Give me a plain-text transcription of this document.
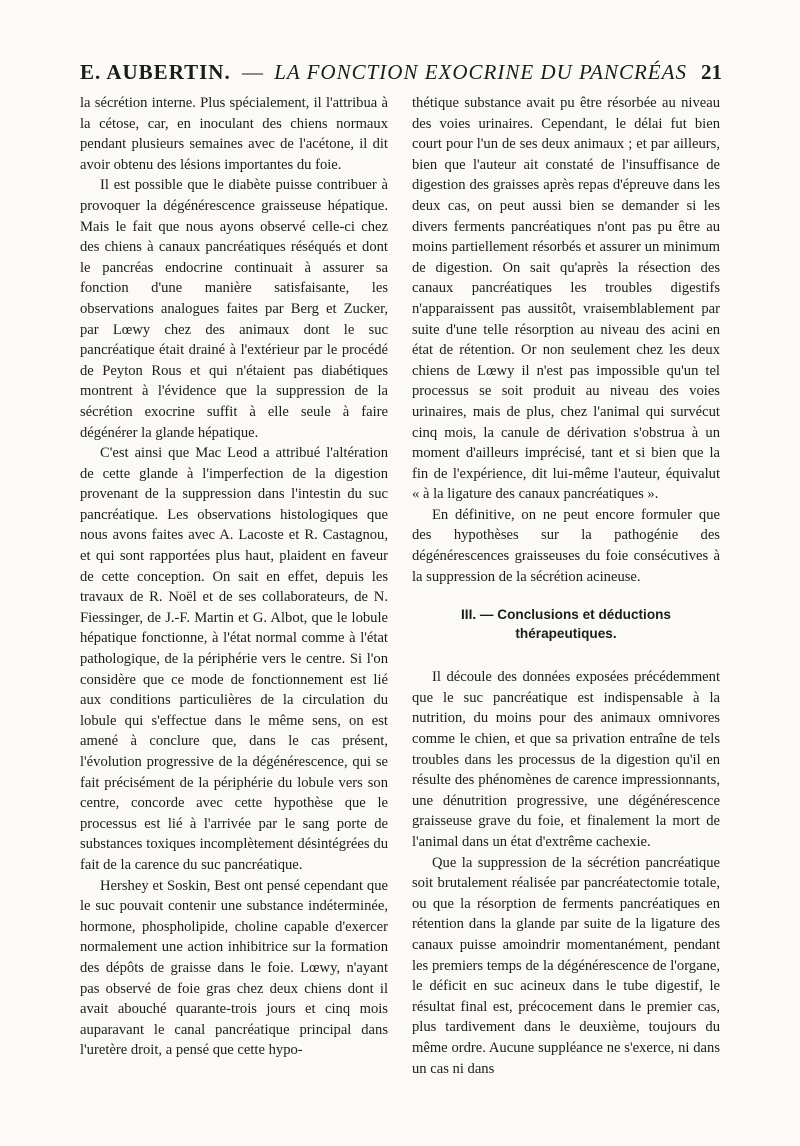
E. AUBERTIN. — LA FONCTION EXOCRINE DU PANCRÉAS 21

la sécrétion interne. Plus spécialement, il l'attribua à la cétose, car, en inoculant des chiens normaux pendant plusieurs semaines avec de l'acétone, il dit avoir obtenu des lésions importantes du foie.

Il est possible que le diabète puisse contribuer à provoquer la dégénérescence graisseuse hépatique. Mais le fait que nous ayons observé celle-ci chez des chiens à canaux pancréatiques réséqués et dont le pancréas endocrine continuait à assurer sa fonction d'une manière satisfaisante, les observations analogues faites par Berg et Zucker, par Lœwy chez des animaux dont le suc pancréatique était drainé à l'extérieur par le procédé de Peyton Rous et qui n'étaient pas diabétiques montrent à l'évidence que la suppression de la sécrétion exocrine suffit à elle seule à faire dégénérer la glande hépatique.

C'est ainsi que Mac Leod a attribué l'altération de cette glande à l'imperfection de la digestion provenant de la suppression dans l'intestin du suc pancréatique. Les observations histologiques que nous avons faites avec A. Lacoste et R. Castagnou, et qui sont rapportées plus haut, plaident en faveur de cette conception. On sait en effet, depuis les travaux de R. Noël et de ses collaborateurs, de N. Fiessinger, de J.-F. Martin et G. Albot, que le lobule hépatique fonctionne, à l'état normal comme à l'état pathologique, de la périphérie vers le centre. Si l'on considère que ce mode de fonctionnement est lié aux conditions particulières de la circulation du lobule qui s'effectue dans le même sens, on est amené à conclure que, dans le cas présent, l'évolution progressive de la dégénérescence, qui se fait précisément de la périphérie du lobule vers son centre, concorde avec cette hypothèse que le processus est lié à l'arrivée par le sang porte de substances toxiques incomplètement désintégrées du fait de la carence du suc pancréatique.

Hershey et Soskin, Best ont pensé cependant que le suc pouvait contenir une substance indéterminée, hormone, phospholipide, choline capable d'exercer normalement une action inhibitrice sur la formation des dépôts de graisse dans le foie. Lœwy, n'ayant pas observé de foie gras chez deux chiens dont il avait abouché quarante-trois jours et cinq mois auparavant le canal pancréatique principal dans l'uretère droit, a pensé que cette hypo-

thétique substance avait pu être résorbée au niveau des voies urinaires. Cependant, le délai fut bien court pour l'un de ses deux animaux ; et par ailleurs, bien que l'auteur ait constaté de l'insuffisance de digestion des graisses après repas d'épreuve dans les deux cas, on peut aussi bien se demander si les divers ferments pancréatiques n'ont pas pu être au moins partiellement résorbés et assurer un minimum de digestion. On sait qu'après la résection des canaux pancréatiques les troubles digestifs n'apparaissent pas aussitôt, vraisemblablement par suite d'une telle résorption au niveau des acini en état de rétention. Or non seulement chez les deux chiens de Lœwy il n'est pas impossible qu'un tel processus se soit produit au niveau des voies urinaires, mais de plus, chez l'animal qui survécut cinq mois, la canule de dérivation s'obstrua à un moment d'ailleurs imprécisé, tant et si bien que la fin de l'expérience, dit lui-même l'auteur, équivalut « à la ligature des canaux pancréatiques ».

En définitive, on ne peut encore formuler que des hypothèses sur la pathogénie des dégénérescences graisseuses du foie consécutives à la suppression de la sécrétion acineuse.

III. — Conclusions et déductions
thérapeutiques.

Il découle des données exposées précédemment que le suc pancréatique est indispensable à la nutrition, du moins pour des animaux omnivores comme le chien, et que sa privation entraîne de tels troubles dans les processus de la digestion qu'il en résulte des phénomènes de carence impressionnants, une dénutrition progressive, une dégénérescence graisseuse grave du foie, et finalement la mort de l'animal dans un état d'extrême cachexie.

Que la suppression de la sécrétion pancréatique soit brutalement réalisée par pancréatectomie totale, ou que la résorption de ferments pancréatiques en rétention dans la glande par suite de la ligature des canaux puisse amoindrir momentanément, pendant les premiers temps de la dégénérescence de l'organe, le déficit en suc acineux dans le tube digestif, le résultat final est, précocement dans le premier cas, plus tardivement dans le deuxième, toujours du même ordre. Aucune suppléance ne s'exerce, ni dans un cas ni dans
